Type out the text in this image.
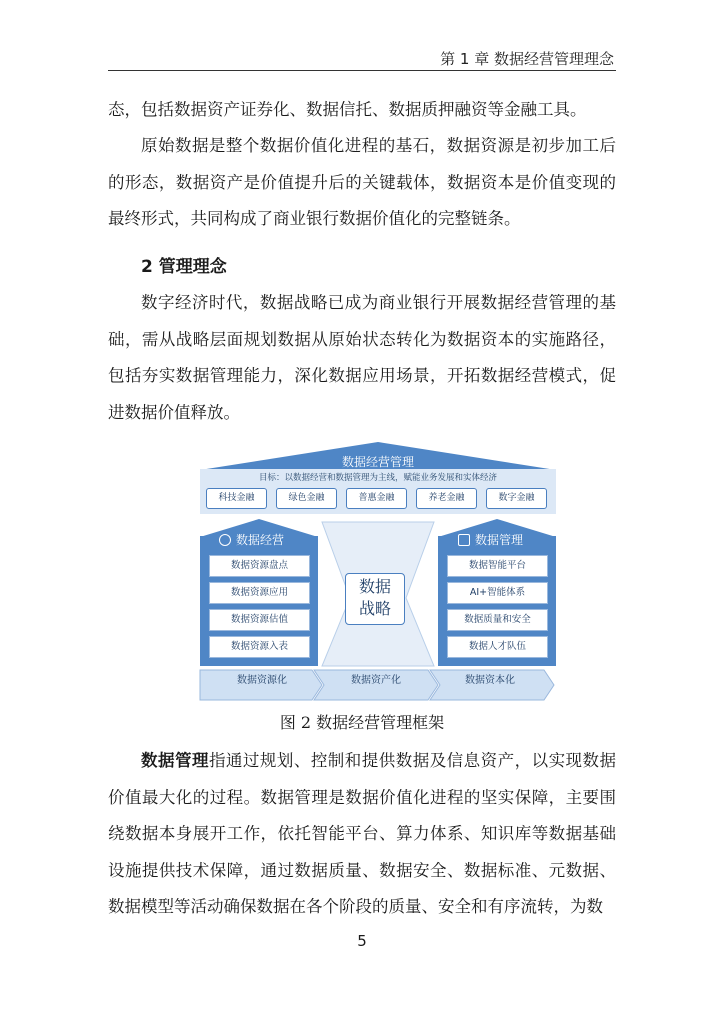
第 1 章 数据经营管理理念

态，包括数据资产证券化、数据信托、数据质押融资等金融工具。

原始数据是整个数据价值化进程的基石，数据资源是初步加工后的形态，数据资产是价值提升后的关键载体，数据资本是价值变现的最终形式，共同构成了商业银行数据价值化的完整链条。

2 管理理念

数字经济时代，数据战略已成为商业银行开展数据经营管理的基础，需从战略层面规划数据从原始状态转化为数据资本的实施路径，包括夯实数据管理能力，深化数据应用场景，开拓数据经营模式，促进数据价值释放。

数据经营管理
目标：以数据经营和数据管理为主线，赋能业务发展和实体经济
科技金融	绿色金融	普惠金融	养老金融	数字金融
数据经营	数据管理
数据资源盘点
数据资源应用
数据资源估值
数据资源入表
数据智能平台
AI+智能体系
数据质量和安全
数据人才队伍
数据
战略
数据资源化	数据资产化	数据资本化
图 2 数据经营管理框架

数据管理指通过规划、控制和提供数据及信息资产，以实现数据价值最大化的过程。数据管理是数据价值化进程的坚实保障，主要围绕数据本身展开工作，依托智能平台、算力体系、知识库等数据基础设施提供技术保障，通过数据质量、数据安全、数据标准、元数据、数据模型等活动确保数据在各个阶段的质量、安全和有序流转，为数

5
